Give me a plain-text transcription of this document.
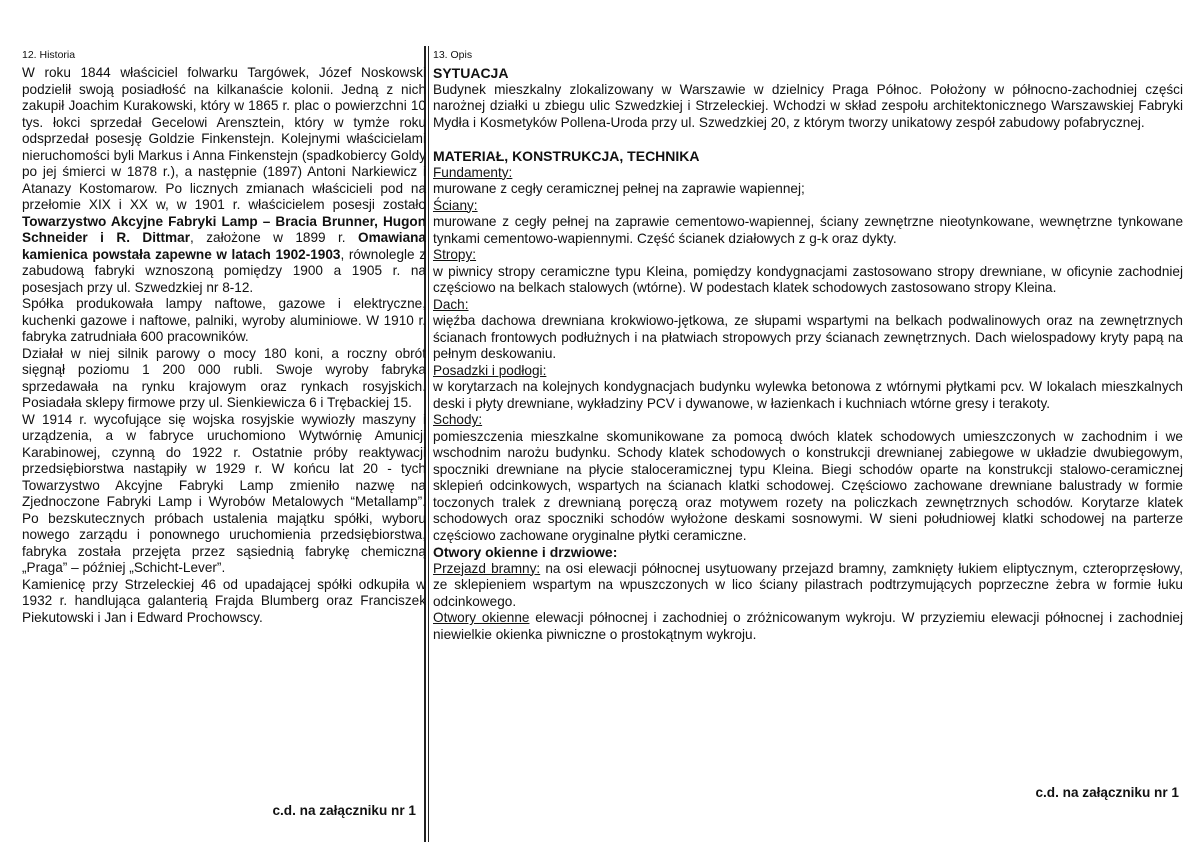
12. Historia

W roku 1844 właściciel folwarku Targówek, Józef Noskowski podzielił swoją posiadłość na kilkanaście kolonii. Jedną z nich zakupił Joachim Kurakowski, który w 1865 r. plac o powierzchni 10 tys. łokci sprzedał Gecelowi Arensztein, który w tymże roku odsprzedał posesję Goldzie Finkenstejn. Kolejnymi właścicielami nieruchomości byli Markus i Anna Finkenstejn (spadkobiercy Goldy po jej śmierci w 1878 r.), a następnie (1897) Antoni Narkiewicz i Atanazy Kostomarow. Po licznych zmianach właścicieli pod na przełomie XIX i XX w, w 1901 r. właścicielem posesji zostało Towarzystwo Akcyjne Fabryki Lamp – Bracia Brunner, Hugon Schneider i R. Dittmar, założone w 1899 r. Omawiana kamienica powstała zapewne w latach 1902-1903, równolegle z zabudową fabryki wznoszoną pomiędzy 1900 a 1905 r. na posesjach przy ul. Szwedzkiej nr 8-12.

Spółka produkowała lampy naftowe, gazowe i elektryczne, kuchenki gazowe i naftowe, palniki, wyroby aluminiowe. W 1910 r. fabryka zatrudniała 600 pracowników.

Działał w niej silnik parowy o mocy 180 koni, a roczny obrót sięgnął poziomu 1 200 000 rubli. Swoje wyroby fabryka sprzedawała na rynku krajowym oraz rynkach rosyjskich. Posiadała sklepy firmowe przy ul. Sienkiewicza 6 i Trębackiej 15.

W 1914 r. wycofujące się wojska rosyjskie wywiozły maszyny i urządzenia, a w fabryce uruchomiono Wytwórnię Amunicji Karabinowej, czynną do 1922 r. Ostatnie próby reaktywacji przedsiębiorstwa nastąpiły w 1929 r. W końcu lat 20 - tych Towarzystwo Akcyjne Fabryki Lamp zmieniło nazwę na Zjednoczone Fabryki Lamp i Wyrobów Metalowych “Metallamp”. Po bezskutecznych próbach ustalenia majątku spółki, wyboru nowego zarządu i ponownego uruchomienia przedsiębiorstwa, fabryka została przejęta przez sąsiednią fabrykę chemiczną „Praga” – później „Schicht-Lever”.

Kamienicę przy Strzeleckiej 46 od upadającej spółki odkupiła w 1932 r. handlująca galanterią Frajda Blumberg oraz Franciszek Piekutowski i Jan i Edward Prochowscy.

c.d. na załączniku nr 1
13. Opis
SYTUACJA
Budynek mieszkalny zlokalizowany w Warszawie w dzielnicy Praga Północ. Położony w północno-zachodniej części narożnej działki u zbiegu ulic Szwedzkiej i Strzeleckiej. Wchodzi w skład zespołu architektonicznego Warszawskiej Fabryki Mydła i Kosmetyków Pollena-Uroda przy ul. Szwedzkiej 20, z którym tworzy unikatowy zespół zabudowy pofabrycznej.
MATERIAŁ, KONSTRUKCJA, TECHNIKA
Fundamenty:
murowane z cegły ceramicznej pełnej na zaprawie wapiennej;
Ściany:
murowane z cegły pełnej na zaprawie cementowo-wapiennej, ściany zewnętrzne nieotynkowane, wewnętrzne tynkowane tynkami cementowo-wapiennymi. Część ścianek działowych z g-k oraz dykty.
Stropy:
w piwnicy stropy ceramiczne typu Kleina, pomiędzy kondygnacjami zastosowano stropy drewniane, w oficynie zachodniej częściowo na belkach stalowych (wtórne). W podestach klatek schodowych zastosowano stropy Kleina.
Dach:
więźba dachowa drewniana krokwiowo-jętkowa, ze słupami wspartymi na belkach podwalinowych oraz na zewnętrznych ścianach frontowych podłużnych i na płatwiach stropowych przy ścianach zewnętrznych. Dach wielospadowy kryty papą na pełnym deskowaniu.
Posadzki i podłogi:
w korytarzach na kolejnych kondygnacjach budynku wylewka betonowa z wtórnymi płytkami pcv. W lokalach mieszkalnych deski i płyty drewniane, wykładziny PCV i dywanowe, w łazienkach i kuchniach wtórne gresy i terakoty.
Schody:
pomieszczenia mieszkalne skomunikowane za pomocą dwóch klatek schodowych umieszczonych w zachodnim i we wschodnim narożu budynku. Schody klatek schodowych o konstrukcji drewnianej zabiegowe w układzie dwubiegowym, spoczniki drewniane na płycie staloceramicznej typu Kleina. Biegi schodów oparte na konstrukcji stalowo-ceramicznej sklepień odcinkowych, wspartych na ścianach klatki schodowej. Częściowo zachowane drewniane balustrady w formie toczonych tralek z drewnianą poręczą oraz motywem rozety na policzkach zewnętrznych schodów. Korytarze klatek schodowych oraz spoczniki schodów wyłożone deskami sosnowymi. W sieni południowej klatki schodowej na parterze częściowo zachowane oryginalne płytki ceramiczne.
Otwory okienne i drzwiowe:
Przejazd bramny: na osi elewacji północnej usytuowany przejazd bramny, zamknięty łukiem eliptycznym, czteroprzęsłowy, ze sklepieniem wspartym na wpuszczonych w lico ściany pilastrach podtrzymujących poprzeczne żebra w formie łuku odcinkowego.
Otwory okienne elewacji północnej i zachodniej o zróżnicowanym wykroju. W przyziemiu elewacji północnej i zachodniej niewielkie okienka piwniczne o prostokątnym wykroju.
c.d. na załączniku nr 1
